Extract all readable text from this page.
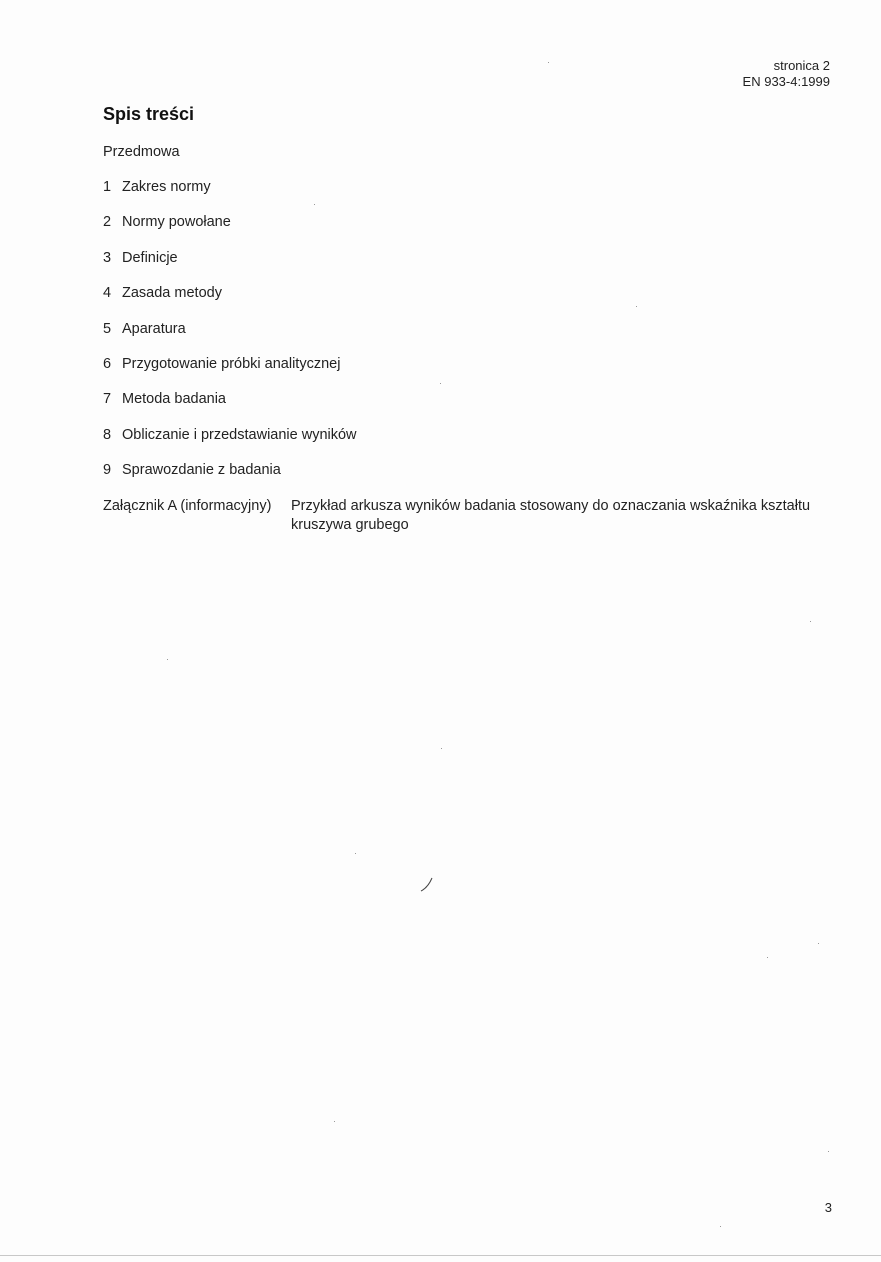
stronica 2
EN 933-4:1999
Spis treści
Przedmowa
1 Zakres normy
2 Normy powołane
3 Definicje
4 Zasada metody
5 Aparatura
6 Przygotowanie próbki analitycznej
7 Metoda badania
8 Obliczanie i przedstawianie wyników
9 Sprawozdanie z badania
Załącznik A (informacyjny)	Przykład arkusza wyników badania stosowany do oznaczania wskaźnika kształtu kruszywa grubego
3
